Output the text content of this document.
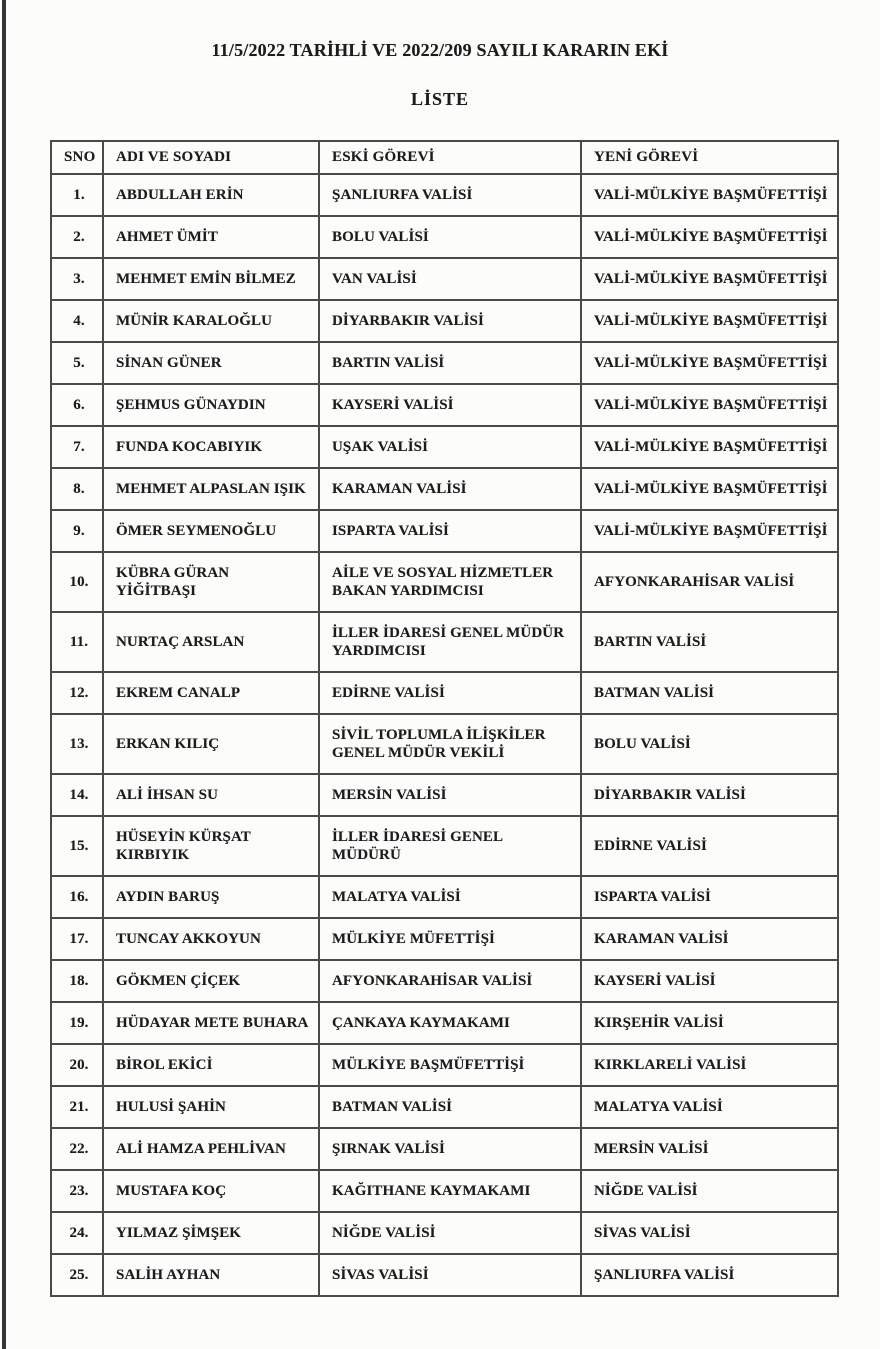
11/5/2022 TARİHLİ VE 2022/209 SAYILI KARARIN EKİ
LİSTE
SNO	ADI VE SOYADI	ESKİ GÖREVİ	YENİ GÖREVİ
1.	ABDULLAH ERİN	ŞANLIURFA VALİSİ	VALİ-MÜLKİYE BAŞMÜFETTİŞİ
2.	AHMET ÜMİT	BOLU VALİSİ	VALİ-MÜLKİYE BAŞMÜFETTİŞİ
3.	MEHMET EMİN BİLMEZ	VAN VALİSİ	VALİ-MÜLKİYE BAŞMÜFETTİŞİ
4.	MÜNİR KARALOĞLU	DİYARBAKIR VALİSİ	VALİ-MÜLKİYE BAŞMÜFETTİŞİ
5.	SİNAN GÜNER	BARTIN VALİSİ	VALİ-MÜLKİYE BAŞMÜFETTİŞİ
6.	ŞEHMUS GÜNAYDIN	KAYSERİ VALİSİ	VALİ-MÜLKİYE BAŞMÜFETTİŞİ
7.	FUNDA KOCABIYIK	UŞAK VALİSİ	VALİ-MÜLKİYE BAŞMÜFETTİŞİ
8.	MEHMET ALPASLAN IŞIK	KARAMAN VALİSİ	VALİ-MÜLKİYE BAŞMÜFETTİŞİ
9.	ÖMER SEYMENOĞLU	ISPARTA VALİSİ	VALİ-MÜLKİYE BAŞMÜFETTİŞİ
10.	KÜBRA GÜRAN YİĞİTBAŞI	AİLE VE SOSYAL HİZMETLER BAKAN YARDIMCISI	AFYONKARAHİSAR VALİSİ
11.	NURTAÇ ARSLAN	İLLER İDARESİ GENEL MÜDÜR YARDIMCISI	BARTIN VALİSİ
12.	EKREM CANALP	EDİRNE VALİSİ	BATMAN VALİSİ
13.	ERKAN KILIÇ	SİVİL TOPLUMLA İLİŞKİLER GENEL MÜDÜR VEKİLİ	BOLU VALİSİ
14.	ALİ İHSAN SU	MERSİN VALİSİ	DİYARBAKIR VALİSİ
15.	HÜSEYİN KÜRŞAT KIRBIYIK	İLLER İDARESİ GENEL MÜDÜRÜ	EDİRNE VALİSİ
16.	AYDIN BARUŞ	MALATYA VALİSİ	ISPARTA VALİSİ
17.	TUNCAY AKKOYUN	MÜLKİYE MÜFETTİŞİ	KARAMAN VALİSİ
18.	GÖKMEN ÇİÇEK	AFYONKARAHİSAR VALİSİ	KAYSERİ VALİSİ
19.	HÜDAYAR METE BUHARA	ÇANKAYA KAYMAKAMI	KIRŞEHİR VALİSİ
20.	BİROL EKİCİ	MÜLKİYE BAŞMÜFETTİŞİ	KIRKLARELİ VALİSİ
21.	HULUSİ ŞAHİN	BATMAN VALİSİ	MALATYA VALİSİ
22.	ALİ HAMZA PEHLİVAN	ŞIRNAK VALİSİ	MERSİN VALİSİ
23.	MUSTAFA KOÇ	KAĞITHANE KAYMAKAMI	NİĞDE VALİSİ
24.	YILMAZ ŞİMŞEK	NİĞDE VALİSİ	SİVAS VALİSİ
25.	SALİH AYHAN	SİVAS VALİSİ	ŞANLIURFA VALİSİ
